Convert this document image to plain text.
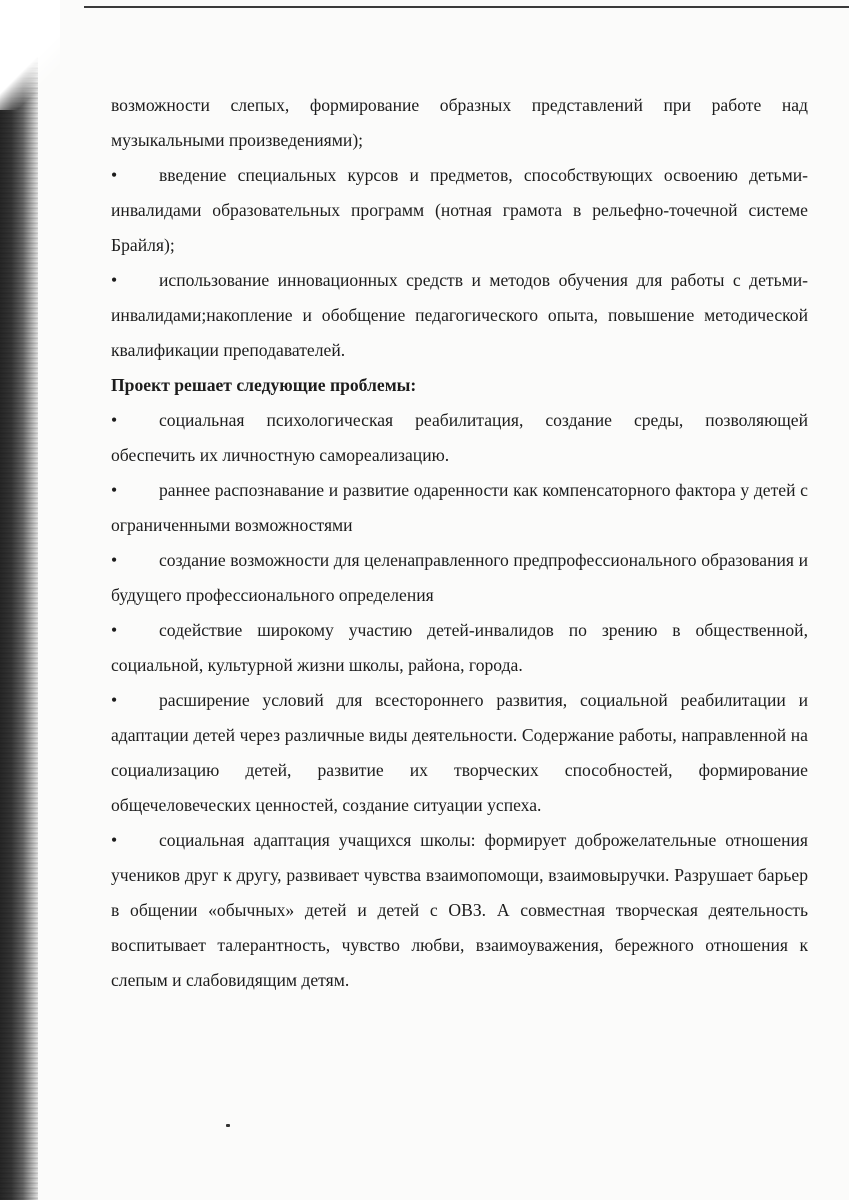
возможности слепых, формирование образных представлений при работе над музыкальными произведениями);

• введение специальных курсов и предметов, способствующих освоению детьми-инвалидами образовательных программ (нотная грамота в рельефно-точечной системе Брайля);

• использование инновационных средств и методов обучения для работы с детьми-инвалидами;накопление и обобщение педагогического опыта, повышение методической квалификации преподавателей.

Проект решает следующие проблемы:

• социальная психологическая реабилитация, создание среды, позволяющей обеспечить их личностную самореализацию.

• раннее распознавание и развитие одаренности как компенсаторного фактора у детей с ограниченными возможностями

• создание возможности для целенаправленного предпрофессионального образования и будущего профессионального определения

• содействие широкому участию детей-инвалидов по зрению в общественной, социальной, культурной жизни школы, района, города.

• расширение условий для всестороннего развития, социальной реабилитации и адаптации детей через различные виды деятельности. Содержание работы, направленной на социализацию детей, развитие их творческих способностей, формирование общечеловеческих ценностей, создание ситуации успеха.

• социальная адаптация учащихся школы: формирует доброжелательные отношения учеников друг к другу, развивает чувства взаимопомощи, взаимовыручки. Разрушает барьер в общении «обычных» детей и детей с ОВЗ. А совместная творческая деятельность воспитывает талерантность, чувство любви, взаимоуважения, бережного отношения к слепым и слабовидящим детям.
